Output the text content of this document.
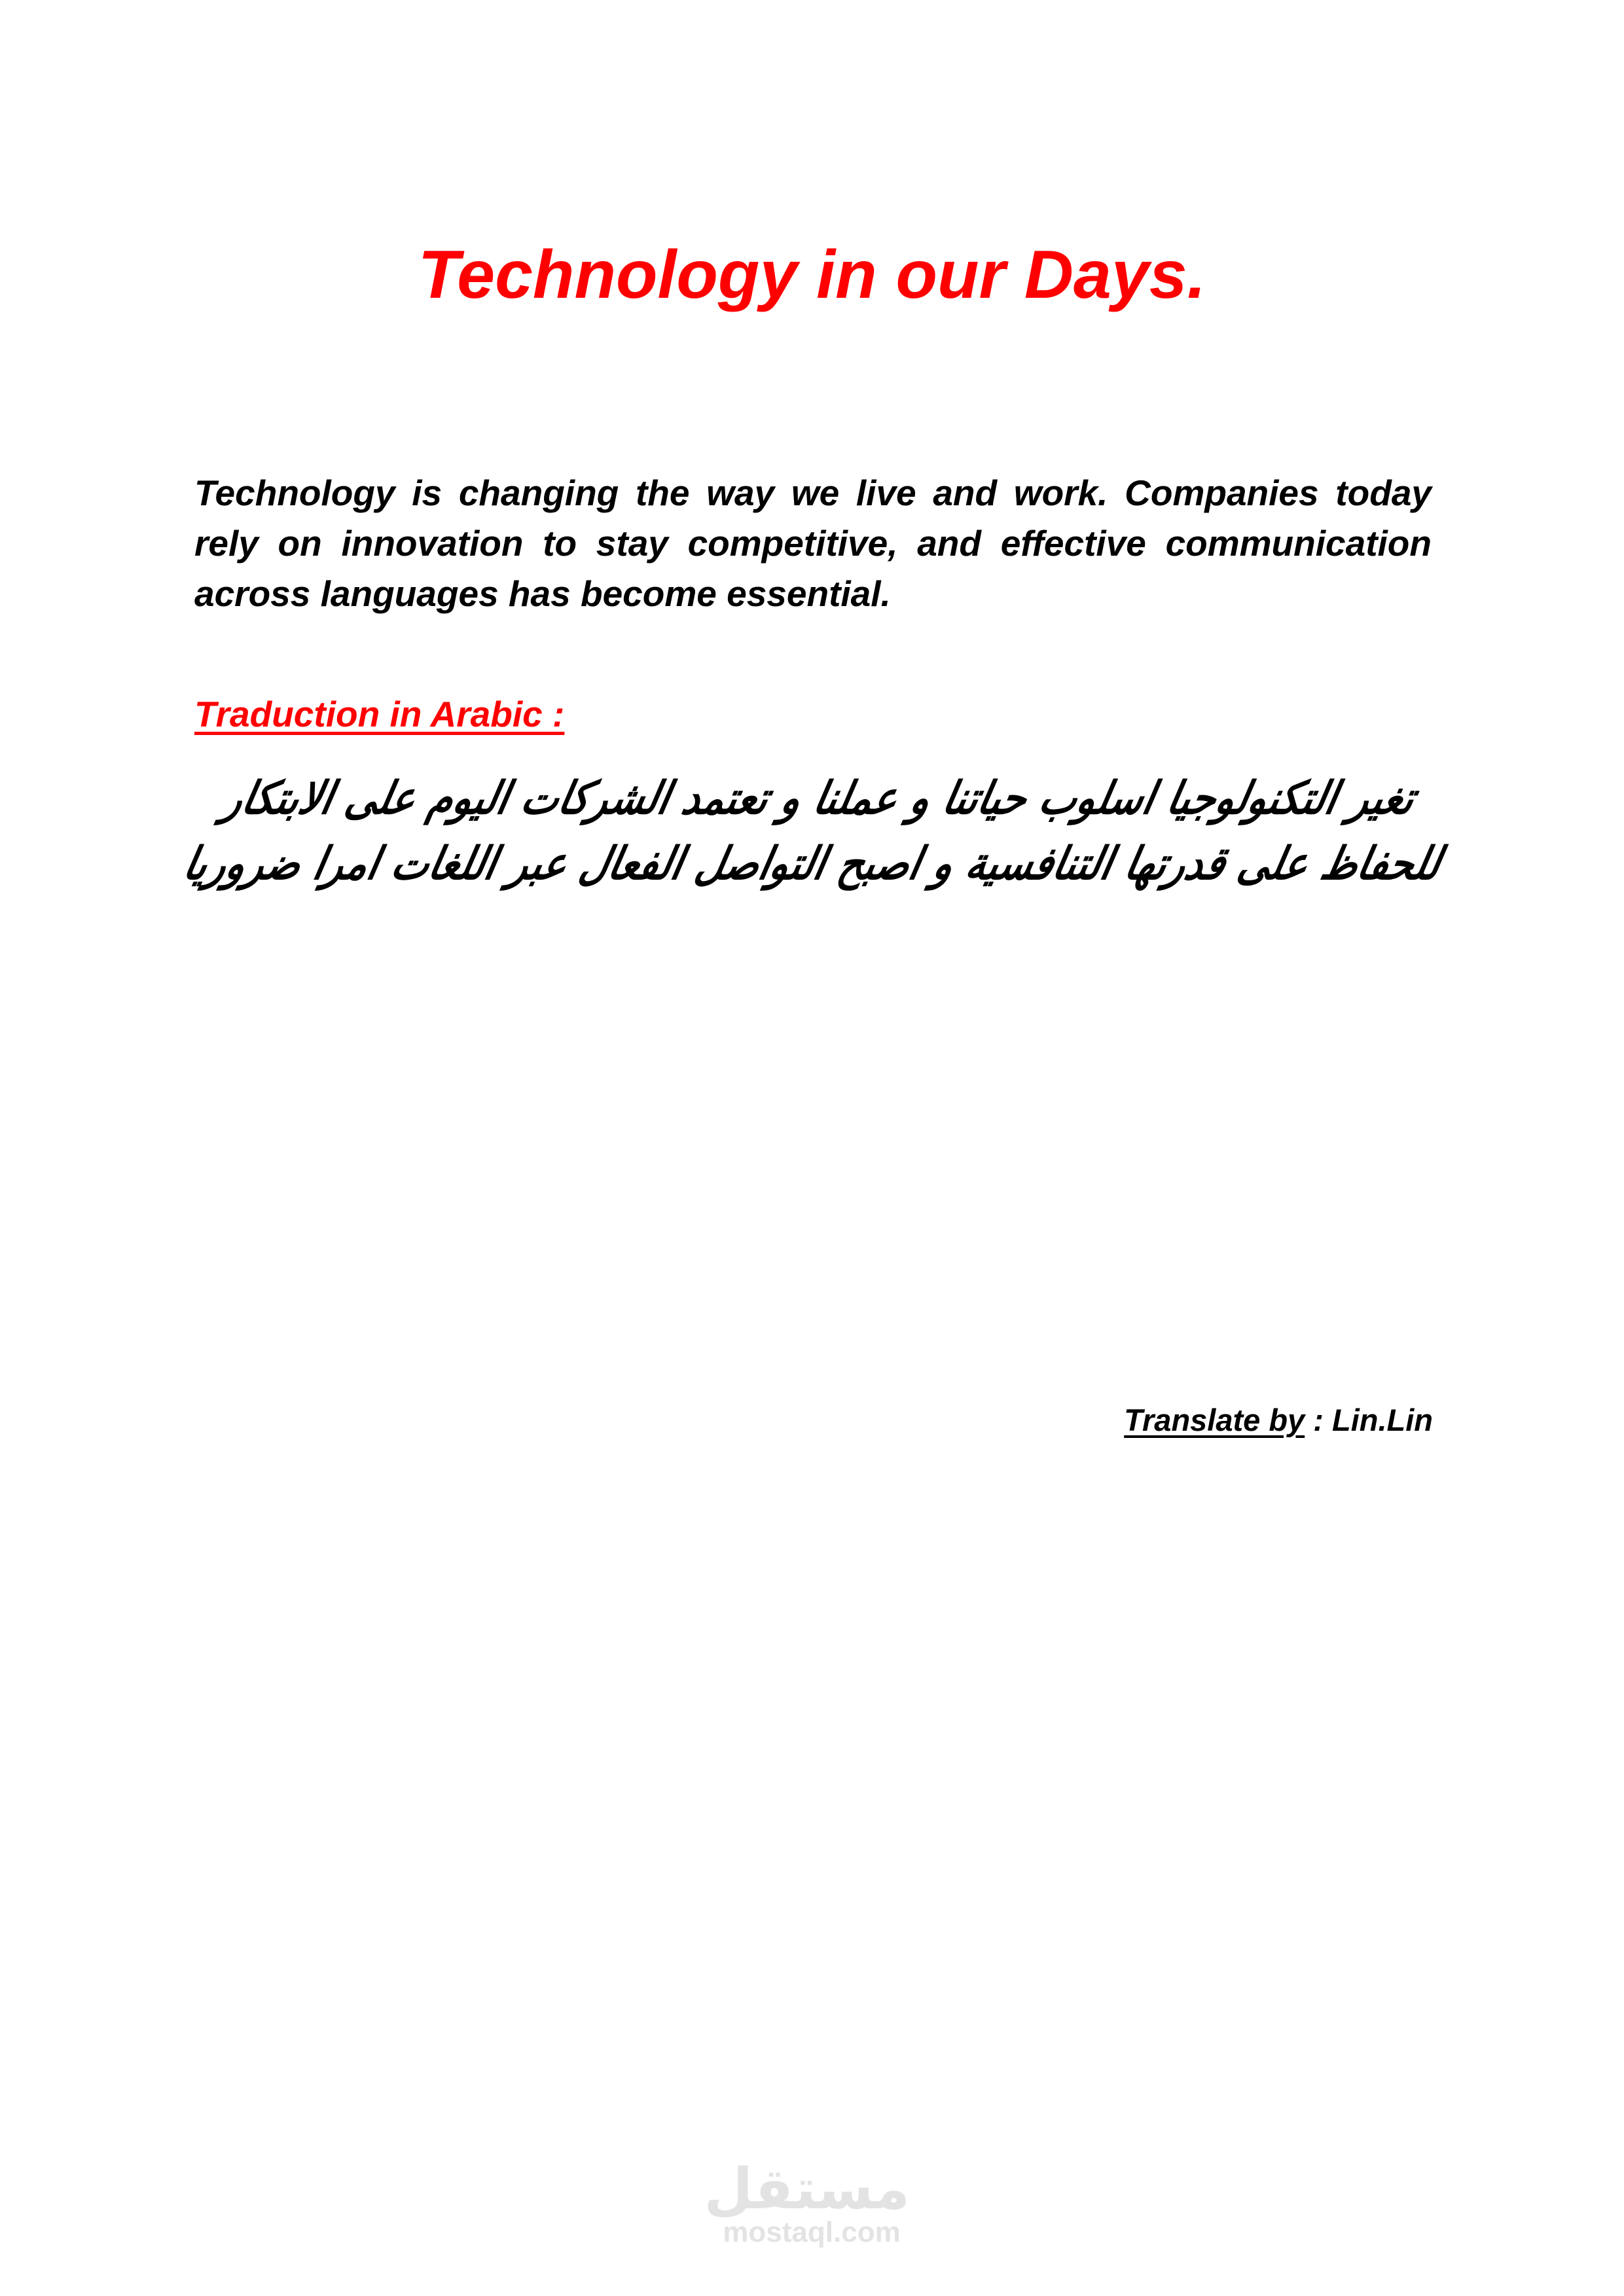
Technology in our Days.

Technology is changing the way we live and work. Companies today rely on innovation to stay competitive, and effective communication across languages has become essential.

Traduction in Arabic :
تغير التكنولوجيا اسلوب حياتنا و عملنا و تعتمد الشركات اليوم على الابتكار
للحفاظ على قدرتها التنافسية و اصبح التواصل الفعال عبر اللغات امرا ضروريا
Translate by : Lin.Lin
مستقل
mostaql.com
